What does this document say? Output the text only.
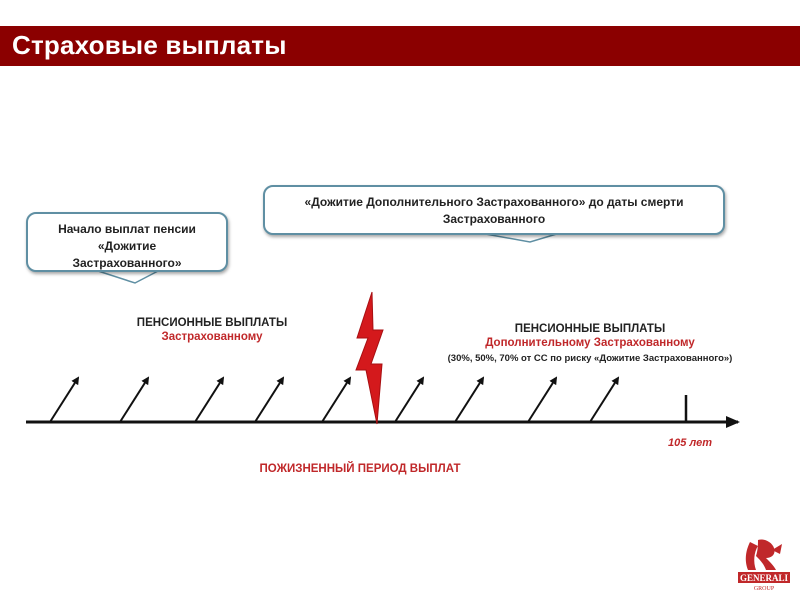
Страховые выплаты
Начало выплат пенсии
«Дожитие
Застрахованного»
«Дожитие Дополнительного Застрахованного» до даты смерти
Застрахованного
ПЕНСИОННЫЕ ВЫПЛАТЫ
Застрахованному
ПЕНСИОННЫЕ ВЫПЛАТЫ
Дополнительному Застрахованному
(30%, 50%, 70% от СС по риску «Дожитие Застрахованного»)
105 лет
ПОЖИЗНЕННЫЙ ПЕРИОД ВЫПЛАТ
GENERALI
GROUP
